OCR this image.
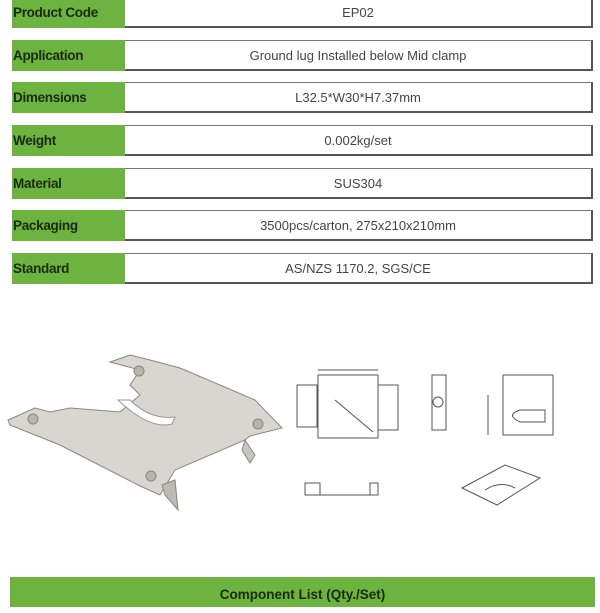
Product Code	EP02
Application	Ground lug Installed below Mid clamp
Dimensions	L32.5*W30*H7.37mm
Weight	0.002kg/set
Material	SUS304
Packaging	3500pcs/carton, 275x210x210mm
Standard	AS/NZS 1170.2, SGS/CE
Component List (Qty./Set)
